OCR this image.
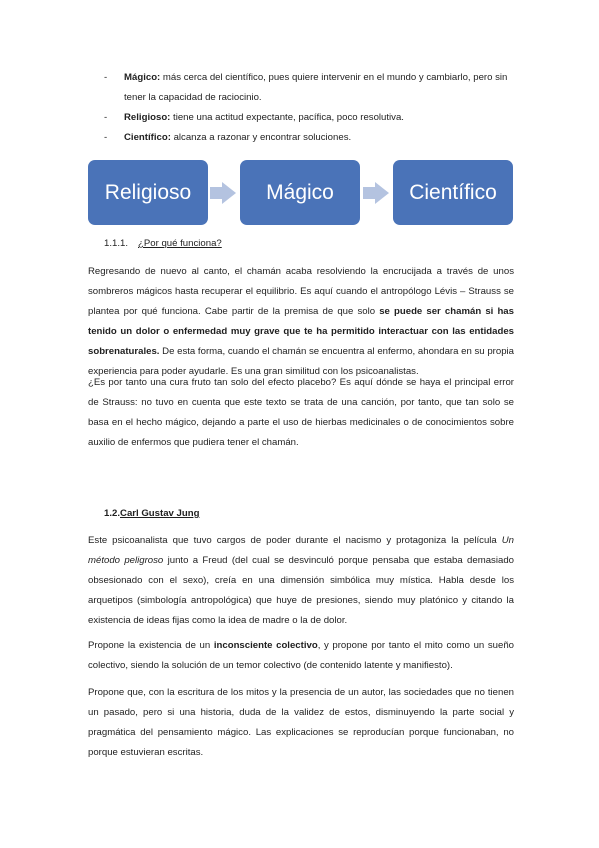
- Mágico: más cerca del científico, pues quiere intervenir en el mundo y cambiarlo, pero sin tener la capacidad de raciocinio.
- Religioso: tiene una actitud expectante, pacífica, poco resolutiva.
- Científico: alcanza a razonar y encontrar soluciones.
Religioso	Mágico	Científico
1.1.1. ¿Por qué funciona?
Regresando de nuevo al canto, el chamán acaba resolviendo la encrucijada a través de unos sombreros mágicos hasta recuperar el equilibrio. Es aquí cuando el antropólogo Lévis – Strauss se plantea por qué funciona. Cabe partir de la premisa de que solo se puede ser chamán si has tenido un dolor o enfermedad muy grave que te ha permitido interactuar con las entidades sobrenaturales. De esta forma, cuando el chamán se encuentra al enfermo, ahondara en su propia experiencia para poder ayudarle. Es una gran similitud con los psicoanalistas.
¿Es por tanto una cura fruto tan solo del efecto placebo? Es aquí dónde se haya el principal error de Strauss: no tuvo en cuenta que este texto se trata de una canción, por tanto, que tan solo se basa en el hecho mágico, dejando a parte el uso de hierbas medicinales o de conocimientos sobre auxilio de enfermos que pudiera tener el chamán.
1.2.Carl Gustav Jung
Este psicoanalista que tuvo cargos de poder durante el nacismo y protagoniza la película Un método peligroso junto a Freud (del cual se desvinculó porque pensaba que estaba demasiado obsesionado con el sexo), creía en una dimensión simbólica muy mística. Habla desde los arquetipos (simbología antropológica) que huye de presiones, siendo muy platónico y citando la existencia de ideas fijas como la idea de madre o la de dolor.
Propone la existencia de un inconsciente colectivo, y propone por tanto el mito como un sueño colectivo, siendo la solución de un temor colectivo (de contenido latente y manifiesto).
Propone que, con la escritura de los mitos y la presencia de un autor, las sociedades que no tienen un pasado, pero si una historia, duda de la validez de estos, disminuyendo la parte social y pragmática del pensamiento mágico. Las explicaciones se reproducían porque funcionaban, no porque estuvieran escritas.
